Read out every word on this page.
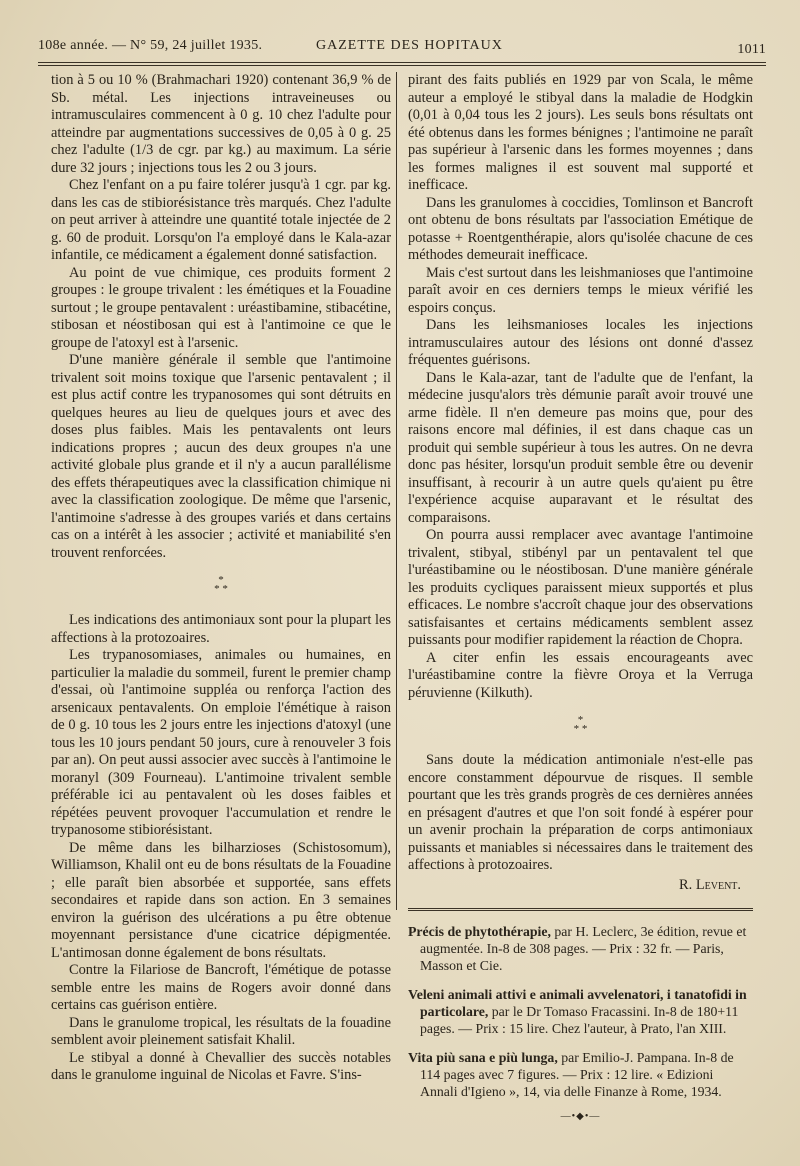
108e année. — N° 59, 24 juillet 1935.	GAZETTE DES HOPITAUX	1011

tion à 5 ou 10 % (Brahmachari 1920) contenant 36,9 % de Sb. métal. Les injections intraveineuses ou intramusculaires commencent à 0 g. 10 chez l'adulte pour atteindre par augmentations successives de 0,05 à 0 g. 25 chez l'adulte (1/3 de cgr. par kg.) au maximum. La série dure 32 jours ; injections tous les 2 ou 3 jours.

Chez l'enfant on a pu faire tolérer jusqu'à 1 cgr. par kg. dans les cas de stibiorésistance très marqués. Chez l'adulte on peut arriver à atteindre une quantité totale injectée de 2 g. 60 de produit. Lorsqu'on l'a employé dans le Kala-azar infantile, ce médicament a également donné satisfaction.

Au point de vue chimique, ces produits forment 2 groupes : le groupe trivalent : les émétiques et la Fouadine surtout ; le groupe pentavalent : uréastibamine, stibacétine, stibosan et néostibosan qui est à l'antimoine ce que le groupe de l'atoxyl est à l'arsenic.

D'une manière générale il semble que l'antimoine trivalent soit moins toxique que l'arsenic pentavalent ; il est plus actif contre les trypanosomes qui sont détruits en quelques heures au lieu de quelques jours et avec des doses plus faibles. Mais les pentavalents ont leurs indications propres ; aucun des deux groupes n'a une activité globale plus grande et il n'y a aucun parallélisme des effets thérapeutiques avec la classification chimique ni avec la classification zoologique. De même que l'arsenic, l'antimoine s'adresse à des groupes variés et dans certains cas on a intérêt à les associer ; activité et maniabilité s'en trouvent renforcées.

*
* *

Les indications des antimoniaux sont pour la plupart les affections à la protozoaires.

Les trypanosomiases, animales ou humaines, en particulier la maladie du sommeil, furent le premier champ d'essai, où l'antimoine suppléa ou renforça l'action des arsenicaux pentavalents. On emploie l'émétique à raison de 0 g. 10 tous les 2 jours entre les injections d'atoxyl (une tous les 10 jours pendant 50 jours, cure à renouveler 3 fois par an). On peut aussi associer avec succès à l'antimoine le moranyl (309 Fourneau). L'antimoine trivalent semble préférable ici au pentavalent où les doses faibles et répétées peuvent provoquer l'accumulation et rendre le trypanosome stibiorésistant.

De même dans les bilharzioses (Schistosomum), Williamson, Khalil ont eu de bons résultats de la Fouadine ; elle paraît bien absorbée et supportée, sans effets secondaires et rapide dans son action. En 3 semaines environ la guérison des ulcérations a pu être obtenue moyennant persistance d'une cicatrice dépigmentée. L'antimosan donne également de bons résultats.

Contre la Filariose de Bancroft, l'émétique de potasse semble entre les mains de Rogers avoir donné dans certains cas guérison entière.

Dans le granulome tropical, les résultats de la fouadine semblent avoir pleinement satisfait Khalil.

Le stibyal a donné à Chevallier des succès notables dans le granulome inguinal de Nicolas et Favre. S'ins-

pirant des faits publiés en 1929 par von Scala, le même auteur a employé le stibyal dans la maladie de Hodgkin (0,01 à 0,04 tous les 2 jours). Les seuls bons résultats ont été obtenus dans les formes bénignes ; l'antimoine ne paraît pas supérieur à l'arsenic dans les formes moyennes ; dans les formes malignes il est souvent mal supporté et inefficace.

Dans les granulomes à coccidies, Tomlinson et Bancroft ont obtenu de bons résultats par l'association Emétique de potasse + Roentgenthérapie, alors qu'isolée chacune de ces méthodes demeurait inefficace.

Mais c'est surtout dans les leishmanioses que l'antimoine paraît avoir en ces derniers temps le mieux vérifié les espoirs conçus.

Dans les leihsmanioses locales les injections intramusculaires autour des lésions ont donné d'assez fréquentes guérisons.

Dans le Kala-azar, tant de l'adulte que de l'enfant, la médecine jusqu'alors très démunie paraît avoir trouvé une arme fidèle. Il n'en demeure pas moins que, pour des raisons encore mal définies, il est dans chaque cas un produit qui semble supérieur à tous les autres. On ne devra donc pas hésiter, lorsqu'un produit semble être ou devenir insuffisant, à recourir à un autre quels qu'aient pu être l'expérience acquise auparavant et le résultat des comparaisons.

On pourra aussi remplacer avec avantage l'antimoine trivalent, stibyal, stibényl par un pentavalent tel que l'uréastibamine ou le néostibosan. D'une manière générale les produits cycliques paraissent mieux supportés et plus efficaces. Le nombre s'accroît chaque jour des observations satisfaisantes et certains médicaments semblent assez puissants pour modifier rapidement la réaction de Chopra.

A citer enfin les essais encourageants avec l'uréastibamine contre la fièvre Oroya et la Verruga péruvienne (Kilkuth).

*
* *

Sans doute la médication antimoniale n'est-elle pas encore constamment dépourvue de risques. Il semble pourtant que les très grands progrès de ces dernières années en présagent d'autres et que l'on soit fondé à espérer pour un avenir prochain la préparation de corps antimoniaux puissants et maniables si nécessaires dans le traitement des affections à protozoaires.

R. Levent.
Précis de phytothérapie, par H. Leclerc, 3e édition, revue et augmentée. In-8 de 308 pages. — Prix : 32 fr. — Paris, Masson et Cie.
Veleni animali attivi e animali avvelenatori, i tanatofidi in particolare, par le Dr Tomaso Fracassini. In-8 de 180+11 pages. — Prix : 15 lire. Chez l'auteur, à Prato, l'an XIII.
Vita più sana e più lunga, par Emilio-J. Pampana. In-8 de 114 pages avec 7 figures. — Prix : 12 lire. « Edizioni Annali d'Igieno », 14, via delle Finanze à Rome, 1934.
—•◆•—
